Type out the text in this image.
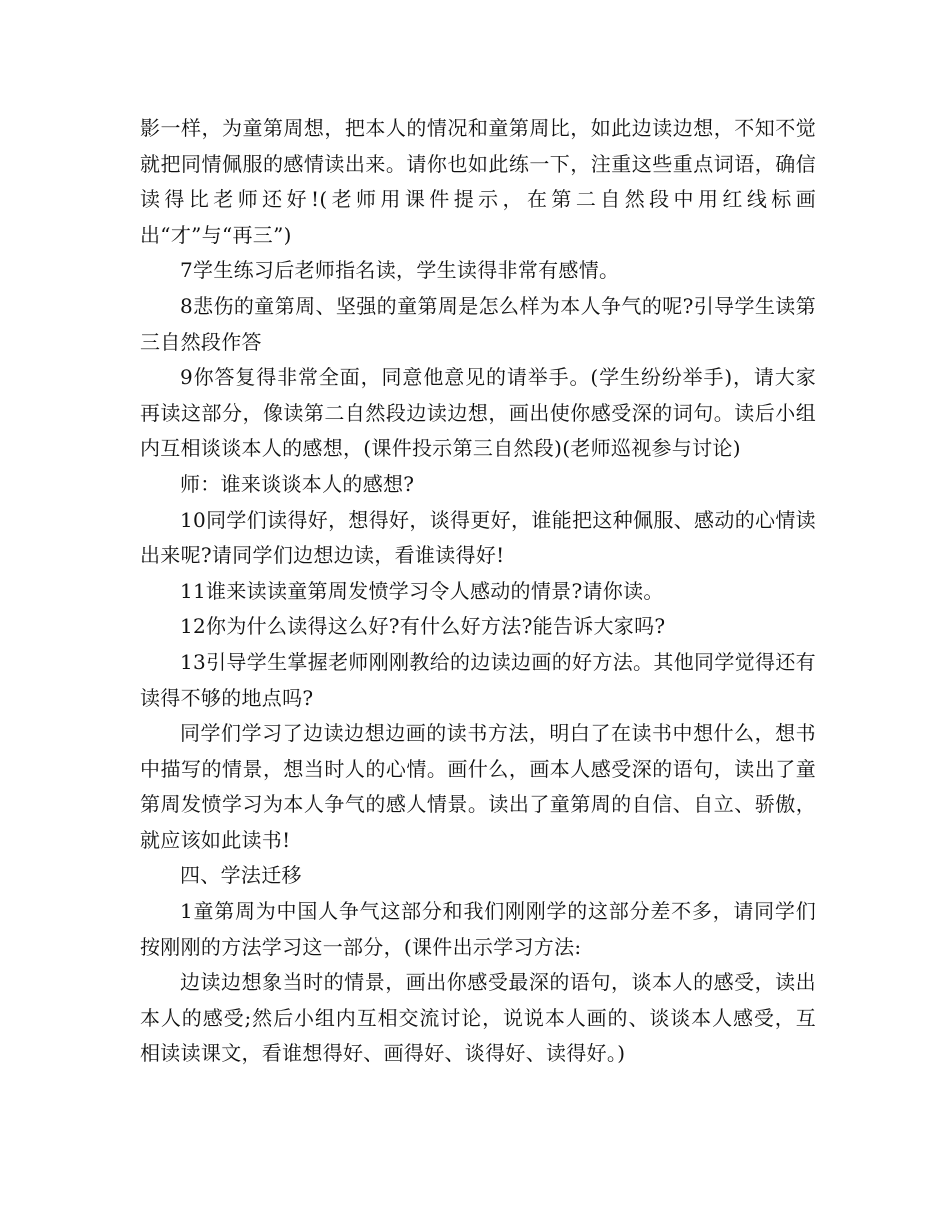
影一样，为童第周想，把本人的情况和童第周比，如此边读边想，不知不觉就把同情佩服的感情读出来。请你也如此练一下，注重这些重点词语，确信读得比老师还好!(老师用课件提示，在第二自然段中用红线标画出“才”与“再三”)

7学生练习后老师指名读，学生读得非常有感情。

8悲伤的童第周、坚强的童第周是怎么样为本人争气的呢?引导学生读第三自然段作答

9你答复得非常全面，同意他意见的请举手。(学生纷纷举手)，请大家再读这部分，像读第二自然段边读边想，画出使你感受深的词句。读后小组内互相谈谈本人的感想，(课件投示第三自然段)(老师巡视参与讨论)

师：谁来谈谈本人的感想?

10同学们读得好，想得好，谈得更好，谁能把这种佩服、感动的心情读出来呢?请同学们边想边读，看谁读得好!

11谁来读读童第周发愤学习令人感动的情景?请你读。

12你为什么读得这么好?有什么好方法?能告诉大家吗?

13引导学生掌握老师刚刚教给的边读边画的好方法。其他同学觉得还有读得不够的地点吗?

同学们学习了边读边想边画的读书方法，明白了在读书中想什么，想书中描写的情景，想当时人的心情。画什么，画本人感受深的语句，读出了童第周发愤学习为本人争气的感人情景。读出了童第周的自信、自立、骄傲，就应该如此读书!

四、学法迁移

1童第周为中国人争气这部分和我们刚刚学的这部分差不多，请同学们按刚刚的方法学习这一部分，(课件出示学习方法:

边读边想象当时的情景，画出你感受最深的语句，谈本人的感受，读出本人的感受;然后小组内互相交流讨论，说说本人画的、谈谈本人感受，互相读读课文，看谁想得好、画得好、谈得好、读得好。)
